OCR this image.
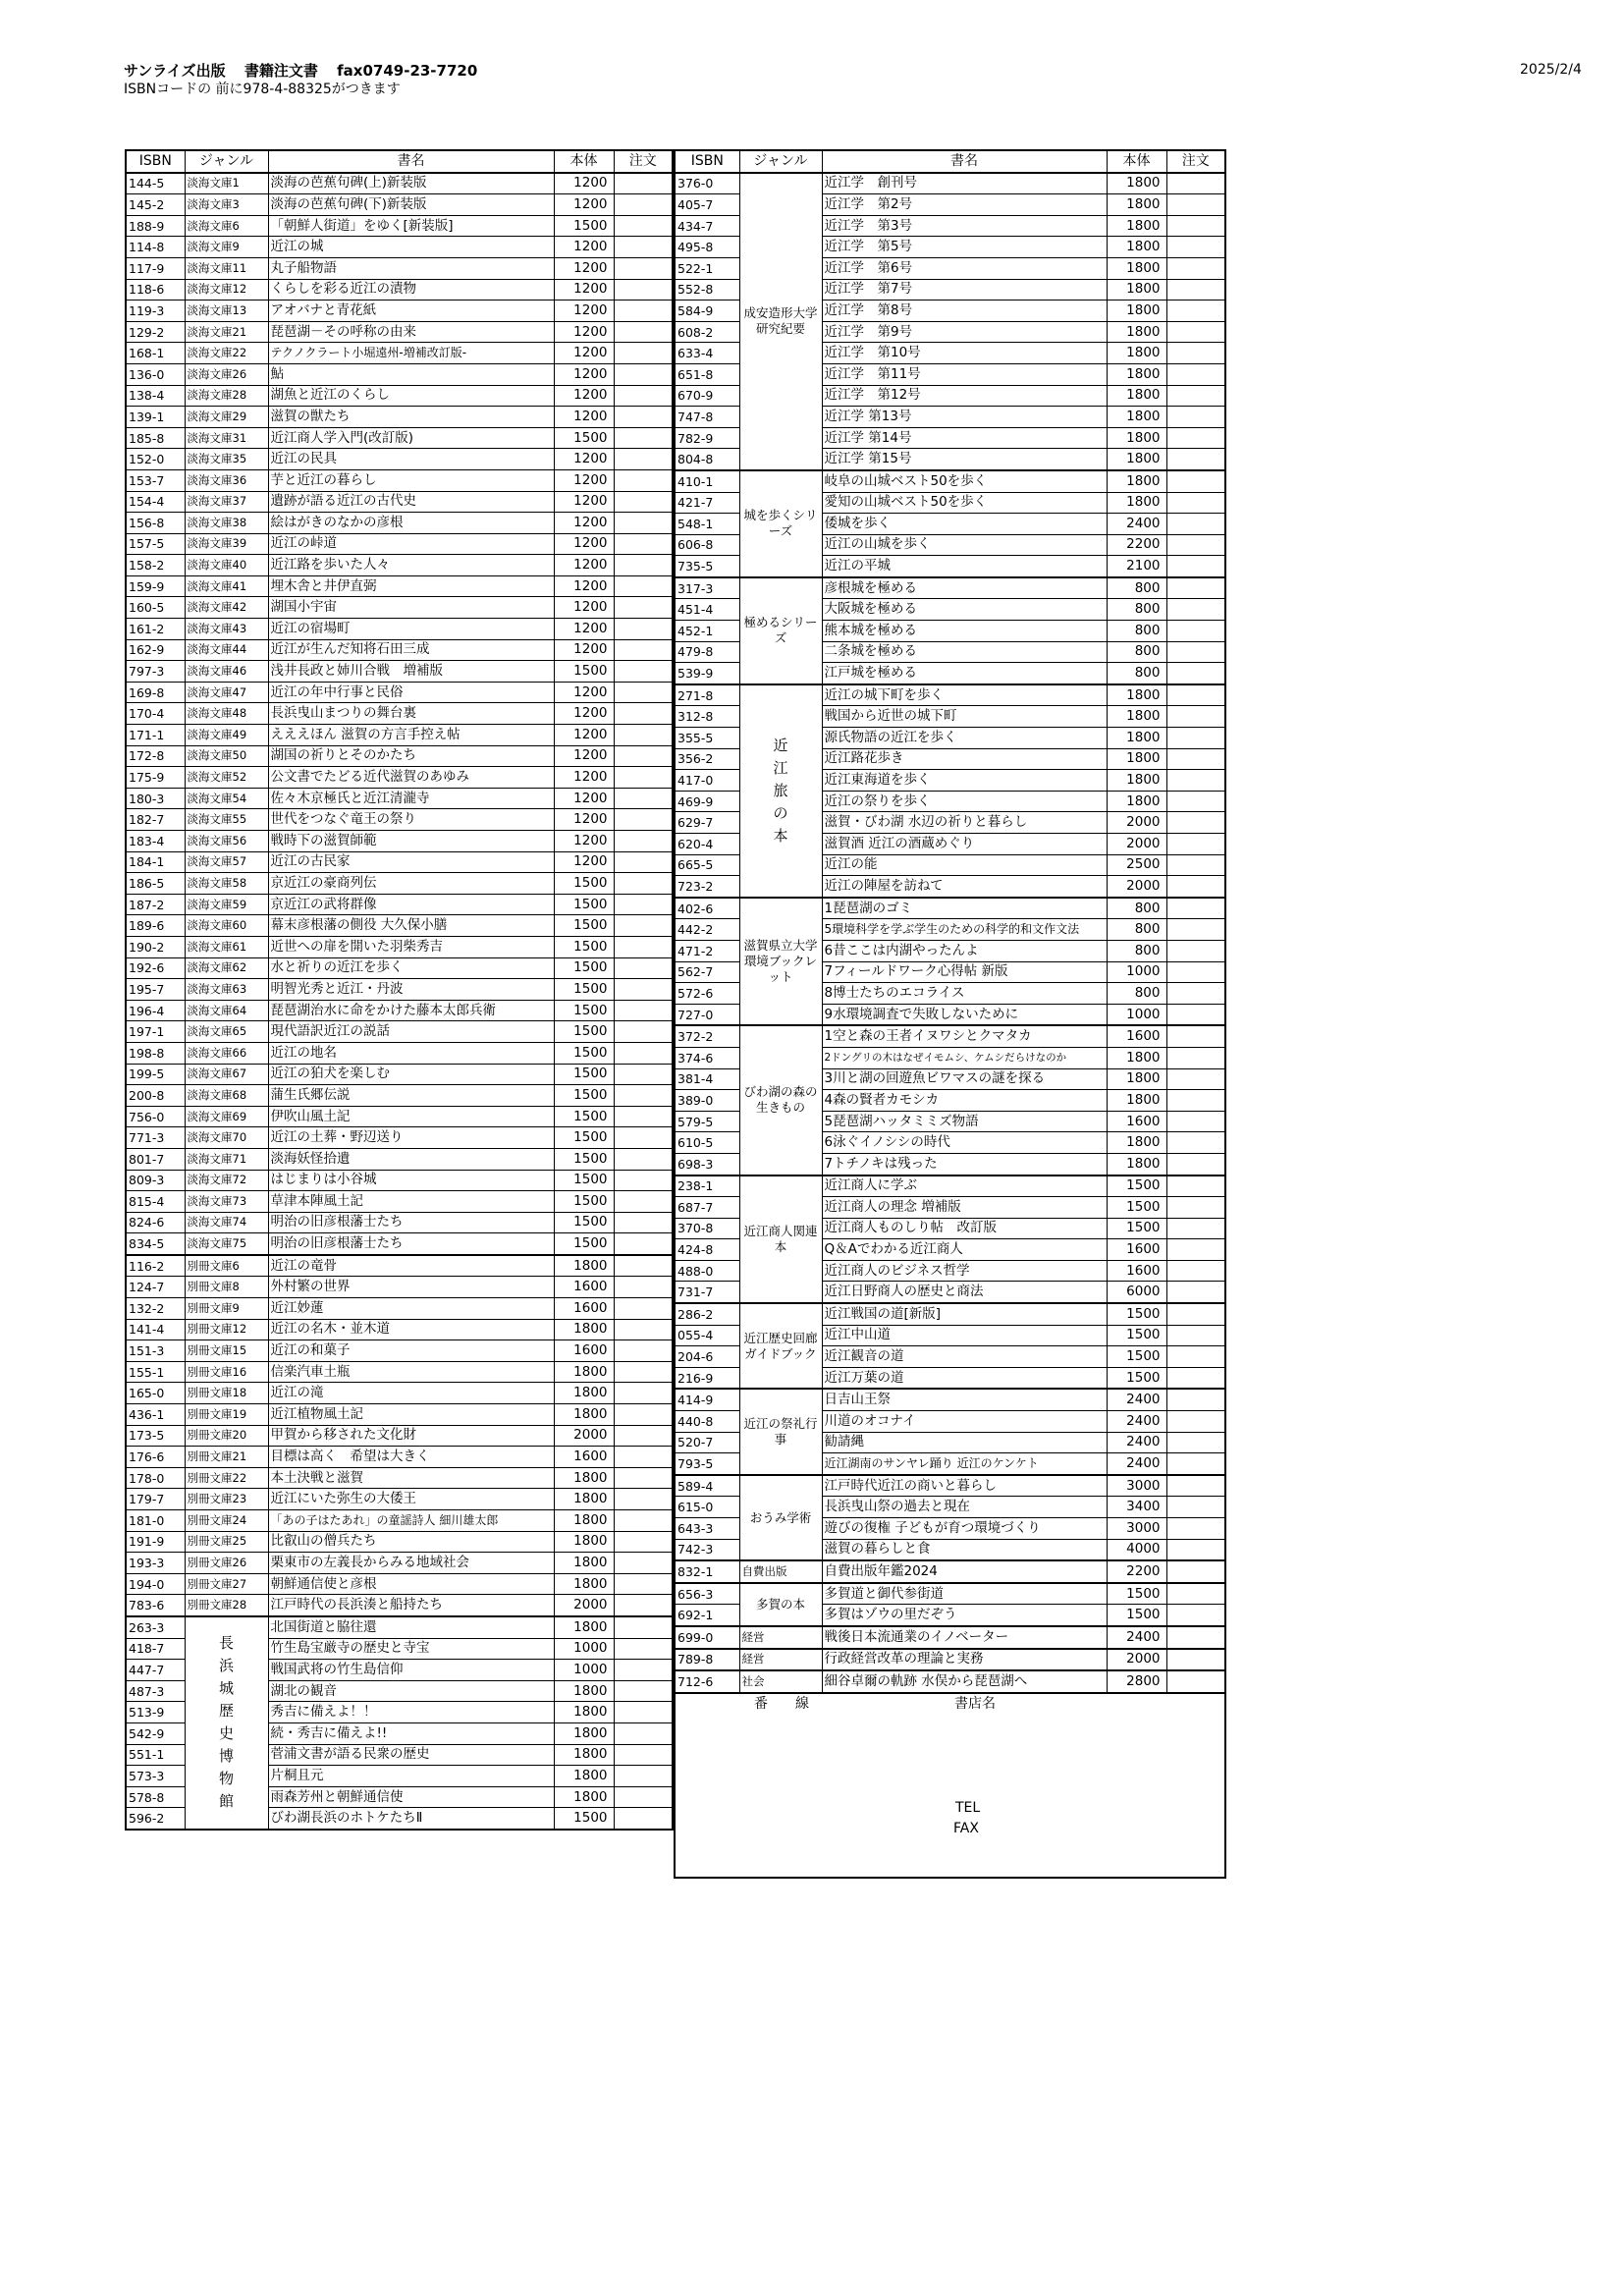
サンライズ出版 書籍注文書 fax0749-23-7720
ISBNコードの 前に978-4-88325がつきます
2025/2/4
ISBN	ジャンル	書名	本体	注文
144-5	淡海文庫1	淡海の芭蕉句碑(上)新装版	1200	
145-2	淡海文庫3	淡海の芭蕉句碑(下)新装版	1200	
188-9	淡海文庫6	「朝鮮人街道」をゆく[新装版]	1500	
114-8	淡海文庫9	近江の城	1200	
117-9	淡海文庫11	丸子船物語	1200	
118-6	淡海文庫12	くらしを彩る近江の漬物	1200	
119-3	淡海文庫13	アオバナと青花紙	1200	
129-2	淡海文庫21	琵琶湖－その呼称の由来	1200	
168-1	淡海文庫22	テクノクラート小堀遠州-増補改訂版-	1200	
136-0	淡海文庫26	鮎	1200	
138-4	淡海文庫28	湖魚と近江のくらし	1200	
139-1	淡海文庫29	滋賀の獣たち	1200	
185-8	淡海文庫31	近江商人学入門(改訂版)	1500	
152-0	淡海文庫35	近江の民具	1200	
153-7	淡海文庫36	芋と近江の暮らし	1200	
154-4	淡海文庫37	遺跡が語る近江の古代史	1200	
156-8	淡海文庫38	絵はがきのなかの彦根	1200	
157-5	淡海文庫39	近江の峠道	1200	
158-2	淡海文庫40	近江路を歩いた人々	1200	
159-9	淡海文庫41	埋木舎と井伊直弼	1200	
160-5	淡海文庫42	湖国小宇宙	1200	
161-2	淡海文庫43	近江の宿場町	1200	
162-9	淡海文庫44	近江が生んだ知将石田三成	1200	
797-3	淡海文庫46	浅井長政と姉川合戦　増補版	1500	
169-8	淡海文庫47	近江の年中行事と民俗	1200	
170-4	淡海文庫48	長浜曳山まつりの舞台裏	1200	
171-1	淡海文庫49	えええほん 滋賀の方言手控え帖	1200	
172-8	淡海文庫50	湖国の祈りとそのかたち	1200	
175-9	淡海文庫52	公文書でたどる近代滋賀のあゆみ	1200	
180-3	淡海文庫54	佐々木京極氏と近江清瀧寺	1200	
182-7	淡海文庫55	世代をつなぐ竜王の祭り	1200	
183-4	淡海文庫56	戦時下の滋賀師範	1200	
184-1	淡海文庫57	近江の古民家	1200	
186-5	淡海文庫58	京近江の豪商列伝	1500	
187-2	淡海文庫59	京近江の武将群像	1500	
189-6	淡海文庫60	幕末彦根藩の側役 大久保小膳	1500	
190-2	淡海文庫61	近世への扉を開いた羽柴秀吉	1500	
192-6	淡海文庫62	水と祈りの近江を歩く	1500	
195-7	淡海文庫63	明智光秀と近江・丹波	1500	
196-4	淡海文庫64	琵琶湖治水に命をかけた藤本太郎兵衛	1500	
197-1	淡海文庫65	現代語訳近江の説話	1500	
198-8	淡海文庫66	近江の地名	1500	
199-5	淡海文庫67	近江の狛犬を楽しむ	1500	
200-8	淡海文庫68	蒲生氏郷伝説	1500	
756-0	淡海文庫69	伊吹山風土記	1500	
771-3	淡海文庫70	近江の土葬・野辺送り	1500	
801-7	淡海文庫71	淡海妖怪拾遺	1500	
809-3	淡海文庫72	はじまりは小谷城	1500	
815-4	淡海文庫73	草津本陣風土記	1500	
824-6	淡海文庫74	明治の旧彦根藩士たち	1500	
834-5	淡海文庫75	明治の旧彦根藩士たち	1500	
116-2	別冊文庫6	近江の竜骨	1800	
124-7	別冊文庫8	外村繁の世界	1600	
132-2	別冊文庫9	近江妙蓮	1600	
141-4	別冊文庫12	近江の名木・並木道	1800	
151-3	別冊文庫15	近江の和菓子	1600	
155-1	別冊文庫16	信楽汽車土瓶	1800	
165-0	別冊文庫18	近江の滝	1800	
436-1	別冊文庫19	近江植物風土記	1800	
173-5	別冊文庫20	甲賀から移された文化財	2000	
176-6	別冊文庫21	目標は高く　希望は大きく	1600	
178-0	別冊文庫22	本土決戦と滋賀	1800	
179-7	別冊文庫23	近江にいた弥生の大倭王	1800	
181-0	別冊文庫24	「あの子はたあれ」の童謡詩人 細川雄太郎	1800	
191-9	別冊文庫25	比叡山の僧兵たち	1800	
193-3	別冊文庫26	栗東市の左義長からみる地域社会	1800	
194-0	別冊文庫27	朝鮮通信使と彦根	1800	
783-6	別冊文庫28	江戸時代の長浜湊と船持たち	2000	
263-3	長浜城歴史博物館	北国街道と脇往還	1800	
418-7		竹生島宝厳寺の歴史と寺宝	1000	
447-7		戦国武将の竹生島信仰	1000	
487-3		湖北の観音	1800	
513-9		秀吉に備えよ！！	1800	
542-9		続・秀吉に備えよ!!	1800	
551-1		菅浦文書が語る民衆の歴史	1800	
573-3		片桐且元	1800	
578-8		雨森芳州と朝鮮通信使	1800	
596-2		びわ湖長浜のホトケたちⅡ	1500	
ISBN	ジャンル	書名	本体	注文
376-0	成安造形大学研究紀要	近江学　創刊号	1800	
405-7		近江学　第2号	1800	
434-7		近江学　第3号	1800	
495-8		近江学　第5号	1800	
522-1		近江学　第6号	1800	
552-8		近江学　第7号	1800	
584-9		近江学　第8号	1800	
608-2		近江学　第9号	1800	
633-4		近江学　第10号	1800	
651-8		近江学　第11号	1800	
670-9		近江学　第12号	1800	
747-8		近江学 第13号	1800	
782-9		近江学 第14号	1800	
804-8		近江学 第15号	1800	
410-1	城を歩くシリーズ	岐阜の山城ベスト50を歩く	1800	
421-7		愛知の山城ベスト50を歩く	1800	
548-1		倭城を歩く	2400	
606-8		近江の山城を歩く	2200	
735-5		近江の平城	2100	
317-3	極めるシリーズ	彦根城を極める	800	
451-4		大阪城を極める	800	
452-1		熊本城を極める	800	
479-8		二条城を極める	800	
539-9		江戸城を極める	800	
271-8	近江旅の本	近江の城下町を歩く	1800	
312-8		戦国から近世の城下町	1800	
355-5		源氏物語の近江を歩く	1800	
356-2		近江路花歩き	1800	
417-0		近江東海道を歩く	1800	
469-9		近江の祭りを歩く	1800	
629-7		滋賀・びわ湖 水辺の祈りと暮らし	2000	
620-4		滋賀酒 近江の酒蔵めぐり	2000	
665-5		近江の能	2500	
723-2		近江の陣屋を訪ねて	2000	
402-6	滋賀県立大学環境ブックレット	1琵琶湖のゴミ	800	
442-2		5環境科学を学ぶ学生のための科学的和文作文法	800	
471-2		6昔ここは内湖やったんよ	800	
562-7		7フィールドワーク心得帖 新版	1000	
572-6		8博士たちのエコライス	800	
727-0		9水環境調査で失敗しないために	1000	
372-2	びわ湖の森の生きもの	1空と森の王者イヌワシとクマタカ	1600	
374-6		2ドングリの木はなぜイモムシ、ケムシだらけなのか	1800	
381-4		3川と湖の回遊魚ビワマスの謎を探る	1800	
389-0		4森の賢者カモシカ	1800	
579-5		5琵琶湖ハッタミミズ物語	1600	
610-5		6泳ぐイノシシの時代	1800	
698-3		7トチノキは残った	1800	
238-1	近江商人関連本	近江商人に学ぶ	1500	
687-7		近江商人の理念 増補版	1500	
370-8		近江商人ものしり帖　改訂版	1500	
424-8		Q＆Aでわかる近江商人	1600	
488-0		近江商人のビジネス哲学	1600	
731-7		近江日野商人の歴史と商法	6000	
286-2	近江歴史回廊ガイドブック	近江戦国の道[新版]	1500	
055-4		近江中山道	1500	
204-6		近江観音の道	1500	
216-9		近江万葉の道	1500	
414-9	近江の祭礼行事	日吉山王祭	2400	
440-8		川道のオコナイ	2400	
520-7		勧請縄	2400	
793-5		近江湖南のサンヤレ踊り 近江のケンケト	2400	
589-4	おうみ学術	江戸時代近江の商いと暮らし	3000	
615-0		長浜曳山祭の過去と現在	3400	
643-3		遊びの復権 子どもが育つ環境づくり	3000	
742-3		滋賀の暮らしと食	4000	
832-1	自費出版	自費出版年鑑2024	2200	
656-3	多賀の本	多賀道と御代参街道	1500	
692-1		多賀はゾウの里だぞう	1500	
699-0	経営	戦後日本流通業のイノベーター	2400	
789-8	経営	行政経営改革の理論と実務	2000	
712-6	社会	細谷卓爾の軌跡 水俣から琵琶湖へ	2800	

番　　線 書店名
TEL
FAX				
